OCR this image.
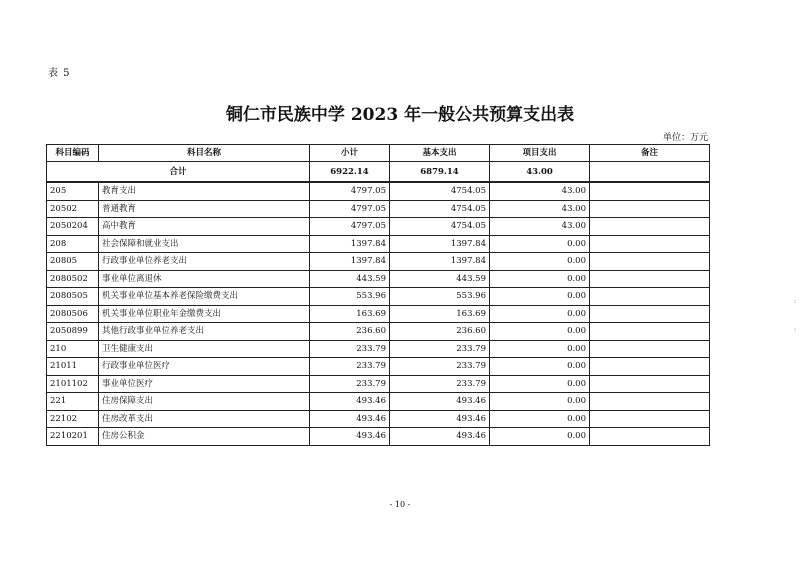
表 5
铜仁市民族中学 2023 年一般公共预算支出表
单位：万元
科目编码	科目名称	小计	基本支出	项目支出	备注
合计		6922.14	6879.14	43.00	
205	教育支出	4797.05	4754.05	43.00	
20502	普通教育	4797.05	4754.05	43.00	
2050204	高中教育	4797.05	4754.05	43.00	
208	社会保障和就业支出	1397.84	1397.84	0.00	
20805	行政事业单位养老支出	1397.84	1397.84	0.00	
2080502	事业单位离退休	443.59	443.59	0.00	
2080505	机关事业单位基本养老保险缴费支出	553.96	553.96	0.00	
2080506	机关事业单位职业年金缴费支出	163.69	163.69	0.00	
2050899	其他行政事业单位养老支出	236.60	236.60	0.00	
210	卫生健康支出	233.79	233.79	0.00	
21011	行政事业单位医疗	233.79	233.79	0.00	
2101102	事业单位医疗	233.79	233.79	0.00	
221	住房保障支出	493.46	493.46	0.00	
22102	住房改革支出	493.46	493.46	0.00	
2210201	住房公积金	493.46	493.46	0.00	
- 10 -
:
:
